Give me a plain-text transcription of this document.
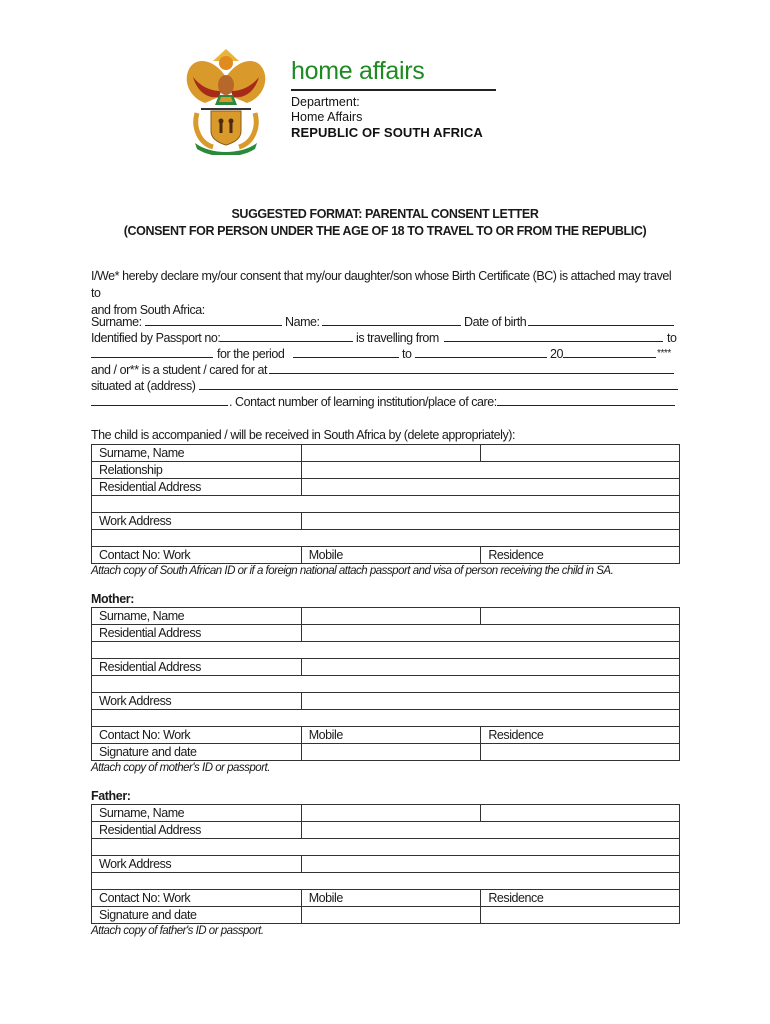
home affairs
Department:
Home Affairs
REPUBLIC OF SOUTH AFRICA
SUGGESTED FORMAT: PARENTAL CONSENT LETTER
(CONSENT FOR PERSON UNDER THE AGE OF 18 TO TRAVEL TO OR FROM THE REPUBLIC)
I/We* hereby declare my/our consent that my/our daughter/son whose Birth Certificate (BC) is attached may travel to
and from South Africa:
Surname:	Name:	Date of birth
Identified by Passport no:	is travelling from	to
for the period	to	20	****
and / or** is a student / cared for at
situated at (address)
. Contact number of learning institution/place of care:
The child is accompanied / will be received in South Africa by (delete appropriately):
Surname, Name		
Relationship		
Residential Address		

Work Address		

Contact No: Work	Mobile	Residence
Attach copy of South African ID or if a foreign national attach passport and visa of person receiving the child in SA.
Mother:
Surname, Name		
Residential Address		

Residential Address		

Work Address		

Contact No: Work	Mobile	Residence
Signature and date		
Attach copy of mother's ID or passport.
Father:
Surname, Name		
Residential Address		

Work Address		

Contact No: Work	Mobile	Residence
Signature and date		
Attach copy of father's ID or passport.
